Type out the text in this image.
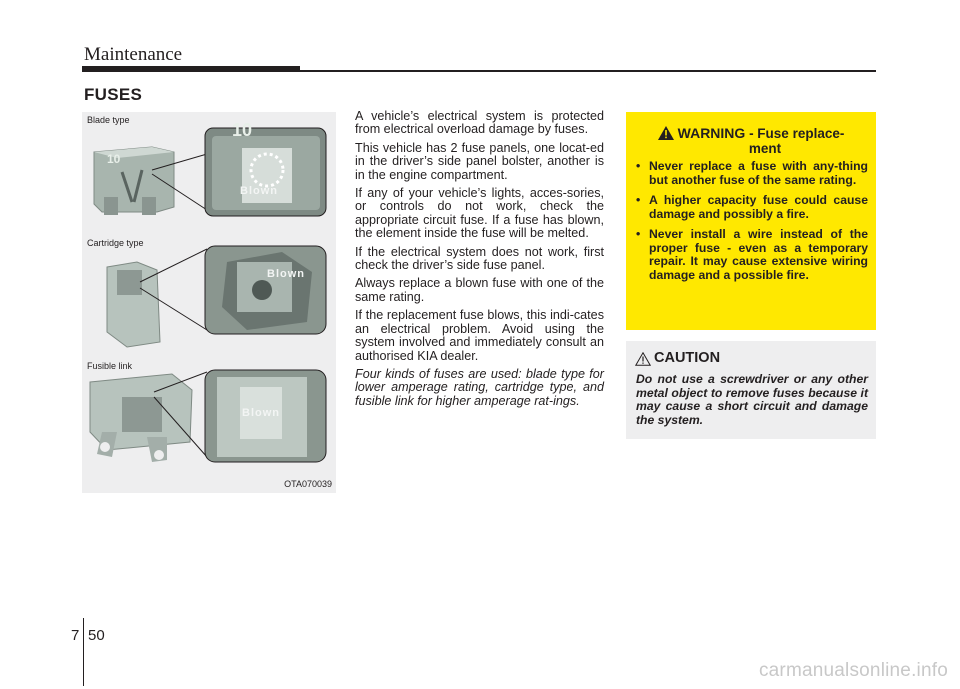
Maintenance
FUSES
Blade type
Cartridge type
Fusible link
10
10
Blown
Blown
Blown
OTA070039

A vehicle’s electrical system is protected from electrical overload damage by fuses.

This vehicle has 2 fuse panels, one locat-ed in the driver’s side panel bolster, another is in the engine compartment.

If any of your vehicle’s lights, acces-sories, or controls do not work, check the appropriate circuit fuse. If a fuse has blown, the element inside the fuse will be melted.

If the electrical system does not work, first check the driver’s side fuse panel.

Always replace a blown fuse with one of the same rating.

If the replacement fuse blows, this indi-cates an electrical problem. Avoid using the system involved and immediately consult an authorised KIA dealer.

Four kinds of fuses are used: blade type for lower amperage rating, cartridge type, and fusible link for higher amperage rat-ings.

WARNING - Fuse replace-
ment
• Never replace a fuse with any-thing but another fuse of the same rating.
• A higher capacity fuse could cause damage and possibly a fire.
• Never install a wire instead of the proper fuse - even as a temporary repair. It may cause extensive wiring damage and a possible fire.
CAUTION
Do not use a screwdriver or any other metal object to remove fuses because it may cause a short circuit and damage the system.
7 50
carmanualsonline.info
